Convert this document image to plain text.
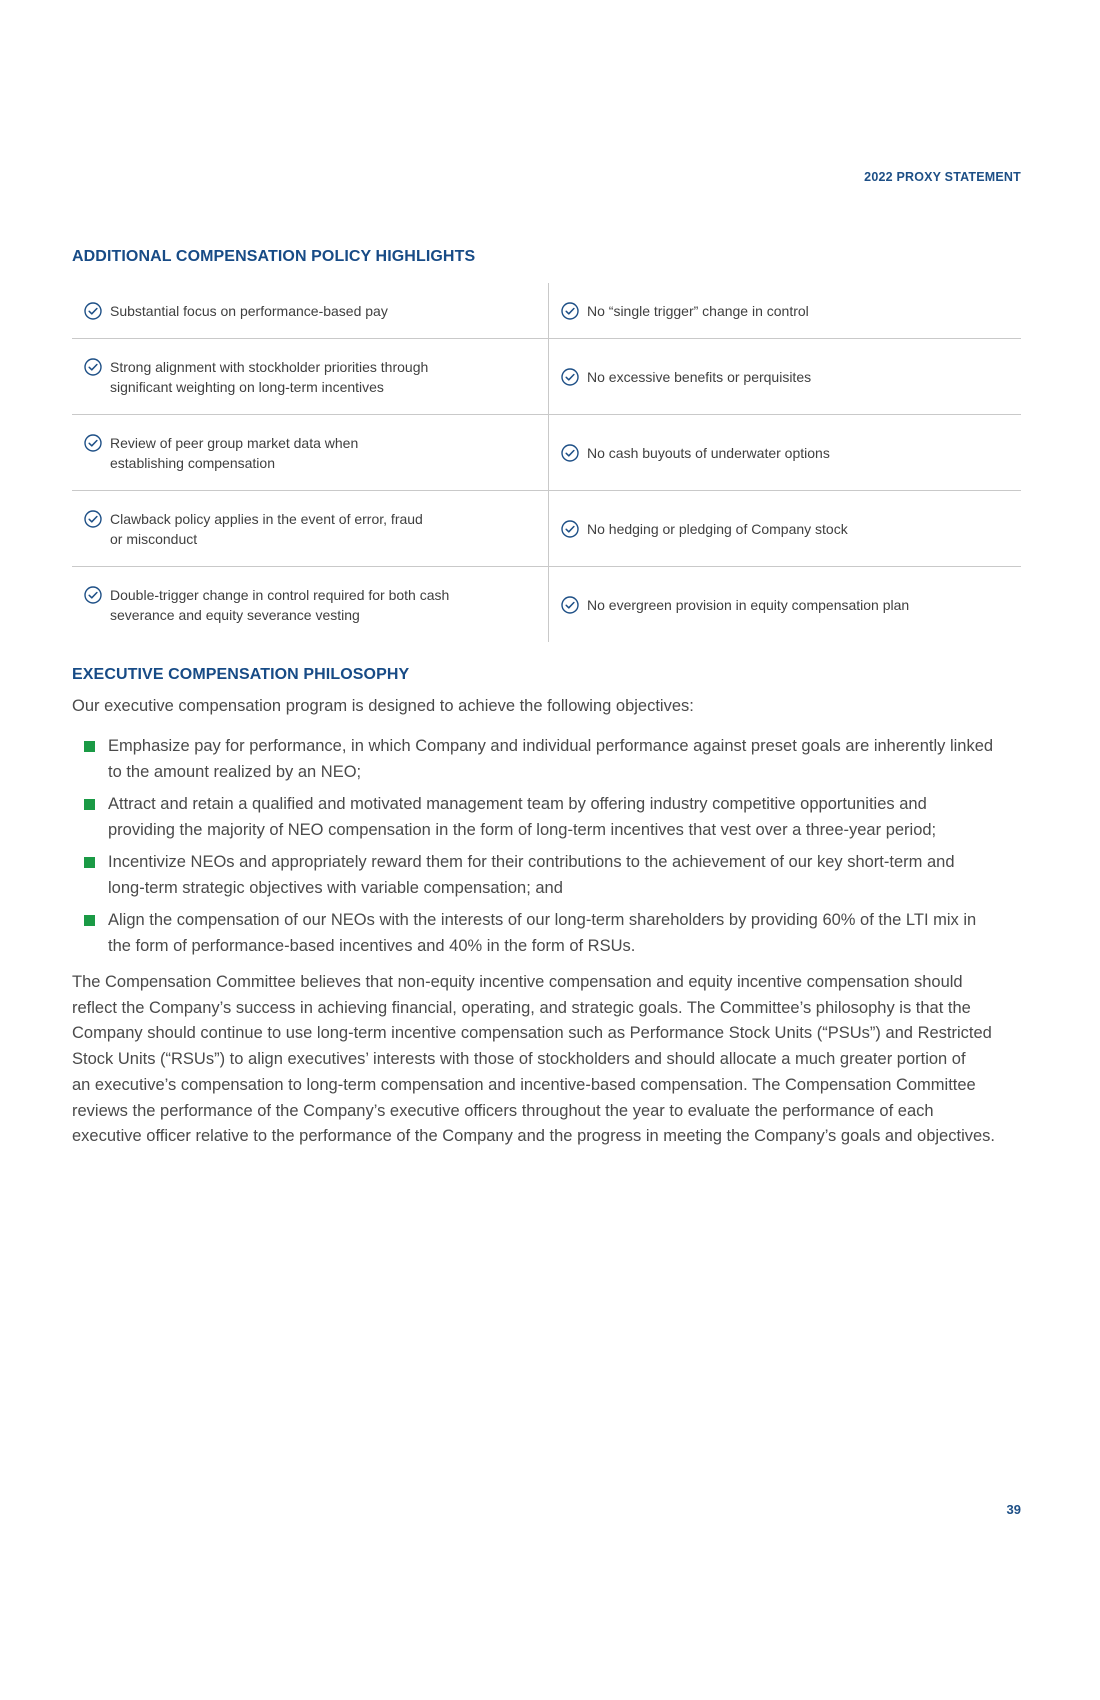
2022 PROXY STATEMENT
ADDITIONAL COMPENSATION POLICY HIGHLIGHTS
Substantial focus on performance-based pay	No “single trigger” change in control
Strong alignment with stockholder priorities through
significant weighting on long-term incentives
No excessive benefits or perquisites
Review of peer group market data when
establishing compensation
No cash buyouts of underwater options
Clawback policy applies in the event of error, fraud
or misconduct
No hedging or pledging of Company stock
Double-trigger change in control required for both cash
severance and equity severance vesting
No evergreen provision in equity compensation plan
EXECUTIVE COMPENSATION PHILOSOPHY
Our executive compensation program is designed to achieve the following objectives:
Emphasize pay for performance, in which Company and individual performance against preset goals are inherently linked
to the amount realized by an NEO;
Attract and retain a qualified and motivated management team by offering industry competitive opportunities and
providing the majority of NEO compensation in the form of long-term incentives that vest over a three-year period;
Incentivize NEOs and appropriately reward them for their contributions to the achievement of our key short-term and
long-term strategic objectives with variable compensation; and
Align the compensation of our NEOs with the interests of our long-term shareholders by providing 60% of the LTI mix in
the form of performance-based incentives and 40% in the form of RSUs.
The Compensation Committee believes that non-equity incentive compensation and equity incentive compensation should
reflect the Company’s success in achieving financial, operating, and strategic goals. The Committee’s philosophy is that the
Company should continue to use long-term incentive compensation such as Performance Stock Units (“PSUs”) and Restricted
Stock Units (“RSUs”) to align executives’ interests with those of stockholders and should allocate a much greater portion of
an executive’s compensation to long-term compensation and incentive-based compensation. The Compensation Committee
reviews the performance of the Company’s executive officers throughout the year to evaluate the performance of each
executive officer relative to the performance of the Company and the progress in meeting the Company’s goals and objectives.
39
